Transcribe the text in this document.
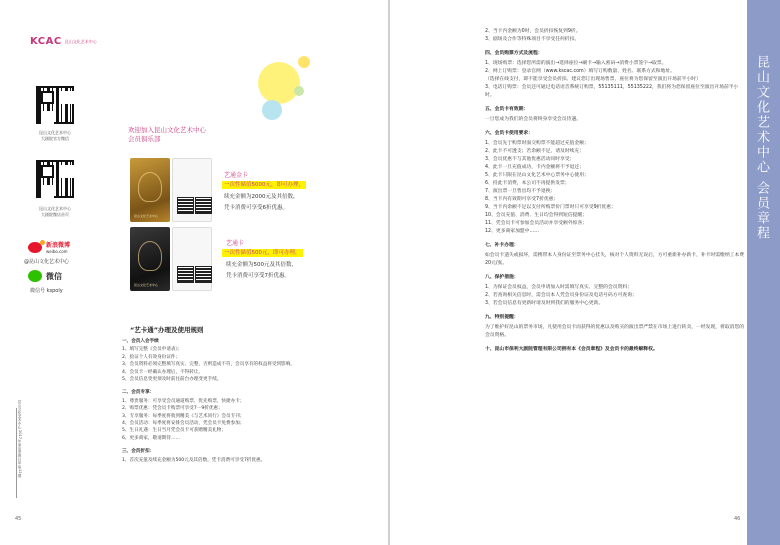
KCAC 昆山文化艺术中心
昆山文化艺术中心
大剧院官方微信
昆山文化艺术中心
大剧院微店首页
新浪微博
weibo.com
@昆山文化艺术中心
微信
微信号 kspoly
欢迎加入昆山文化艺术中心
会员俱乐部
昆山文化艺术中心
艺通金卡
一次性储值5000元，即可办理，
续充金额为2000元及其倍数，
凭卡消费可享受6折优惠。
昆山文化艺术中心
艺通卡
一次性储值500元，即可办理，
续充金额为500元及其倍数，
凭卡消费可享受7折优惠。
“艺卡通”办理及使用规则

一、会员入会手续

1、填写完整《会员申请表》；

2、验证个人有效身份证件；

3、会员资料必须完整填写真实、完整，否则造成不符，会员享有的权益将受到影响。

4、会员卡一经确认办理后，不得转让。

5、会员信息变更须及时前往前台办理变更手续。

二、会员专享：

1、尊贵服务：可享受会员通道购票、优先购票、快捷办卡；

2、购票优惠：凭会员卡购票可享受7－9折优惠；

3、专享服务：每季度将收到精美《与艺术同行》会员专刊；

4、会员活动：每季度将安排会员活动，凭会员卡免费参加；

5、生日礼遇：生日当月凭会员卡可获赠精美礼物；

6、更多商家，敬请期待……

三、会员折扣：

1、首次充值及续充金额为500元及其倍数，凭卡消费可享受7折优惠。

昆山文化艺术中心 2017年演出季剧目单 第12期
45

2、当卡内金额为0时，会员折扣恢复到9折。

3、剧场及合作等特殊项目不享受任何折扣。

四、会员购票方式及流程：

1、现场购票：选择您所需的演出→选择座位→刷卡→输入密码→消费小票签字→取票。

2、网上订购票：登录官网（www.kscac.com）填写订购数量、姓名、联系方式和地址。

（选择在线支付，即不能享受会员折扣。建议您订出现场售票，座位将为您保留至演出开场前半小时）

3、电话订购票：会员还可通过电话语音系统订购票，55135111，55135222，我们将为您保留座位至演出开场前半小时。

五、会员卡有效期：

一旦您成为我们的会员将终身享受会员待遇。

六、会员卡使用要求：

1、会员先于购票时面交购票不能超过充值金额；

2、此卡不可透支；若余额不足，请及时续充；

3、会员优惠不与其他优惠活动同时享受；

4、此卡一旦充值成功，卡内金额将不予退还；

5、此卡只限在昆山文化艺术中心票务中心使用；

6、持此卡消费，本公司不再提供发票；

7、演出票一旦售出均不予退换；

8、当卡内有效期可享受7折优惠；

9、当卡内余额不足以支付所购票价门票时只可享受9折优惠；

10、会员充值、消费、生日均会得到短信提醒；

11、凭会员卡可参加会员活动并享受额外惊喜；

12、更多商家加盟中……

七、补卡办理：

如会员卡遗失或损坏，需携带本人身份证至票务中心挂失，核对个人资料无误后，方可重新补办新卡，补卡时需缴纳工本费20元/张。

八、保护措施：

1、为保证会员权益，会员申请加入时需填写真实、完整的会员资料；

2、若查询相关信息时，需会员本人凭会员身份证及电话号码方可查询；

3、若会员信息有更新时请及时到我们的服务中心更新。

九、特别提醒：

为了维护好昆山的票务市场，凡使用会员卡而获得的优惠以及购买的演出票严禁在市场上进行转卖，一经发现，将取消您的会员资格。

十、昆山市保利大剧院管理有限公司拥有本《会员章程》及会员卡的最终解释权。

46
昆山文化艺术中心 会员章程
